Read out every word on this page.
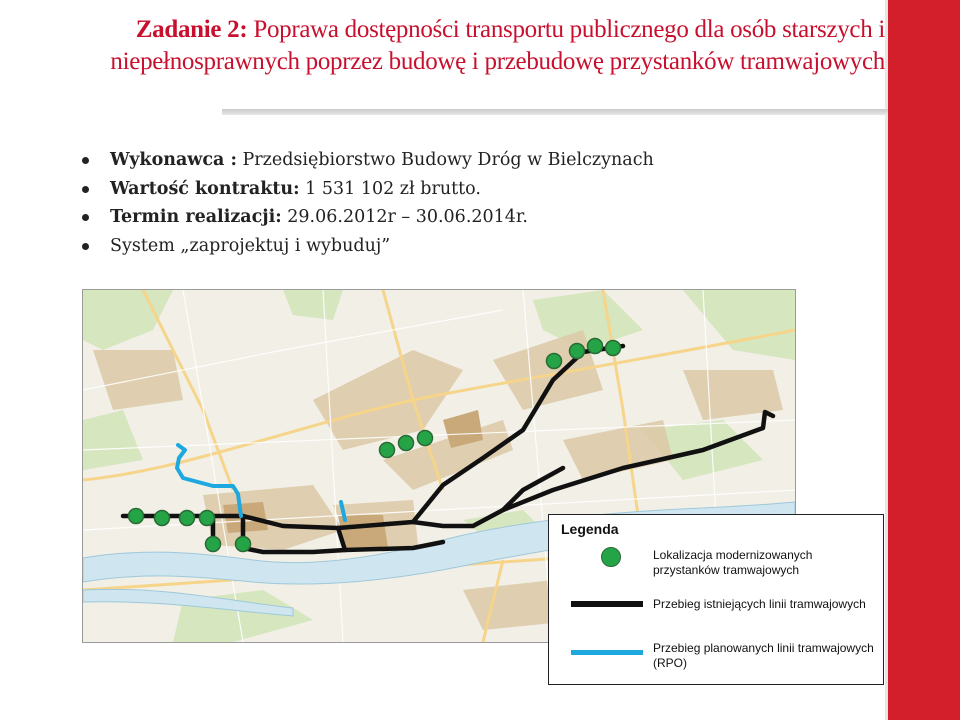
Zadanie 2: Poprawa dostępności transportu publicznego dla osób starszych i niepełnosprawnych poprzez budowę i przebudowę przystanków tramwajowych
Wykonawca : Przedsiębiorstwo Budowy Dróg w Bielczynach
Wartość kontraktu: 1 531 102 zł brutto.
Termin realizacji: 29.06.2012r – 30.06.2014r.
System „zaprojektuj i wybuduj”
Legenda
Lokalizacja modernizowanych przystanków tramwajowych
Przebieg istniejących linii tramwajowych
Przebieg planowanych linii tramwajowych (RPO)
